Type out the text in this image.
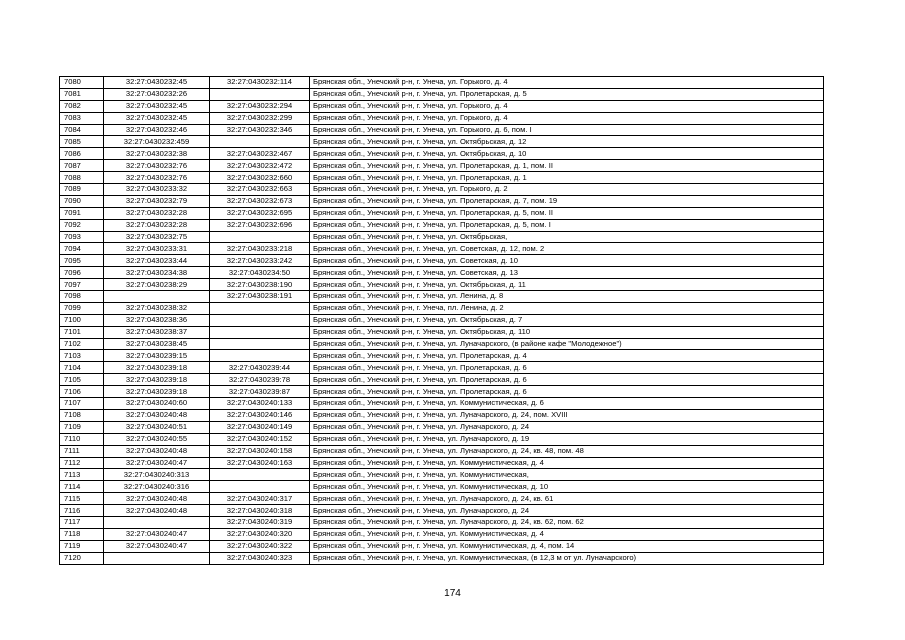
7080	32:27:0430232:45	32:27:0430232:114	Брянская обл., Унечский р-н, г. Унеча, ул. Горького, д. 4
7081	32:27:0430232:26		Брянская обл., Унечский р-н, г. Унеча, ул. Пролетарская, д. 5
7082	32:27:0430232:45	32:27:0430232:294	Брянская обл., Унечский р-н, г. Унеча, ул. Горького, д. 4
7083	32:27:0430232:45	32:27:0430232:299	Брянская обл., Унечский р-н, г. Унеча, ул. Горького, д. 4
7084	32:27:0430232:46	32:27:0430232:346	Брянская обл., Унечский р-н, г. Унеча, ул. Горького, д. 6, пом. I
7085	32:27:0430232:459		Брянская обл., Унечский р-н, г. Унеча, ул. Октябрьская, д. 12
7086	32:27:0430232:38	32:27:0430232:467	Брянская обл., Унечский р-н, г. Унеча, ул. Октябрьская, д. 10
7087	32:27:0430232:76	32:27:0430232:472	Брянская обл., Унечский р-н, г. Унеча, ул. Пролетарская, д. 1, пом. II
7088	32:27:0430232:76	32:27:0430232:660	Брянская обл., Унечский р-н, г. Унеча, ул. Пролетарская, д. 1
7089	32:27:0430233:32	32:27:0430232:663	Брянская обл., Унечский р-н, г. Унеча, ул. Горького, д. 2
7090	32:27:0430232:79	32:27:0430232:673	Брянская обл., Унечский р-н, г. Унеча, ул. Пролетарская, д. 7, пом. 19
7091	32:27:0430232:28	32:27:0430232:695	Брянская обл., Унечский р-н, г. Унеча, ул. Пролетарская, д. 5, пом. II
7092	32:27:0430232:28	32:27:0430232:696	Брянская обл., Унечский р-н, г. Унеча, ул. Пролетарская, д. 5, пом. I
7093	32:27:0430232:75		Брянская обл., Унечский р-н, г. Унеча, ул. Октябрьская,
7094	32:27:0430233:31	32:27:0430233:218	Брянская обл., Унечский р-н, г. Унеча, ул. Советская, д. 12, пом. 2
7095	32:27:0430233:44	32:27:0430233:242	Брянская обл., Унечский р-н, г. Унеча, ул. Советская, д. 10
7096	32:27:0430234:38	32:27:0430234:50	Брянская обл., Унечский р-н, г. Унеча, ул. Советская, д. 13
7097	32:27:0430238:29	32:27:0430238:190	Брянская обл., Унечский р-н, г. Унеча, ул. Октябрьская, д. 11
7098		32:27:0430238:191	Брянская обл., Унечский р-н, г. Унеча, ул. Ленина, д. 8
7099	32:27:0430238:32		Брянская обл., Унечский р-н, г. Унеча, пл. Ленина, д. 2
7100	32:27:0430238:36		Брянская обл., Унечский р-н, г. Унеча, ул. Октябрьская, д. 7
7101	32:27:0430238:37		Брянская обл., Унечский р-н, г. Унеча, ул. Октябрьская, д. 110
7102	32:27:0430238:45		Брянская обл., Унечский р-н, г. Унеча, ул. Луначарского, (в районе кафе "Молодежное")
7103	32:27:0430239:15		Брянская обл., Унечский р-н, г. Унеча, ул. Пролетарская, д. 4
7104	32:27:0430239:18	32:27:0430239:44	Брянская обл., Унечский р-н, г. Унеча, ул. Пролетарская, д. 6
7105	32:27:0430239:18	32:27:0430239:78	Брянская обл., Унечский р-н, г. Унеча, ул. Пролетарская, д. 6
7106	32:27:0430239:18	32:27:0430239:87	Брянская обл., Унечский р-н, г. Унеча, ул. Пролетарская, д. 6
7107	32:27:0430240:60	32:27:0430240:133	Брянская обл., Унечский р-н, г. Унеча, ул. Коммунистическая, д. 6
7108	32:27:0430240:48	32:27:0430240:146	Брянская обл., Унечский р-н, г. Унеча, ул. Луначарского, д. 24, пом. XVIII
7109	32:27:0430240:51	32:27:0430240:149	Брянская обл., Унечский р-н, г. Унеча, ул. Луначарского, д. 24
7110	32:27:0430240:55	32:27:0430240:152	Брянская обл., Унечский р-н, г. Унеча, ул. Луначарского, д. 19
7111	32:27:0430240:48	32:27:0430240:158	Брянская обл., Унечский р-н, г. Унеча, ул. Луначарского, д. 24, кв. 48, пом. 48
7112	32:27:0430240:47	32:27:0430240:163	Брянская обл., Унечский р-н, г. Унеча, ул. Коммунистическая, д. 4
7113	32:27:0430240:313		Брянская обл., Унечский р-н, г. Унеча, ул. Коммунистическая,
7114	32:27:0430240:316		Брянская обл., Унечский р-н, г. Унеча, ул. Коммунистическая, д. 10
7115	32:27:0430240:48	32:27:0430240:317	Брянская обл., Унечский р-н, г. Унеча, ул. Луначарского, д. 24, кв. 61
7116	32:27:0430240:48	32:27:0430240:318	Брянская обл., Унечский р-н, г. Унеча, ул. Луначарского, д. 24
7117		32:27:0430240:319	Брянская обл., Унечский р-н, г. Унеча, ул. Луначарского, д. 24, кв. 62, пом. 62
7118	32:27:0430240:47	32:27:0430240:320	Брянская обл., Унечский р-н, г. Унеча, ул. Коммунистическая, д. 4
7119	32:27:0430240:47	32:27:0430240:322	Брянская обл., Унечский р-н, г. Унеча, ул. Коммунистическая, д. 4, пом. 14
7120		32:27:0430240:323	Брянская обл., Унечский р-н, г. Унеча, ул. Коммунистическая, (в 12,3 м от ул. Луначарского)
174
